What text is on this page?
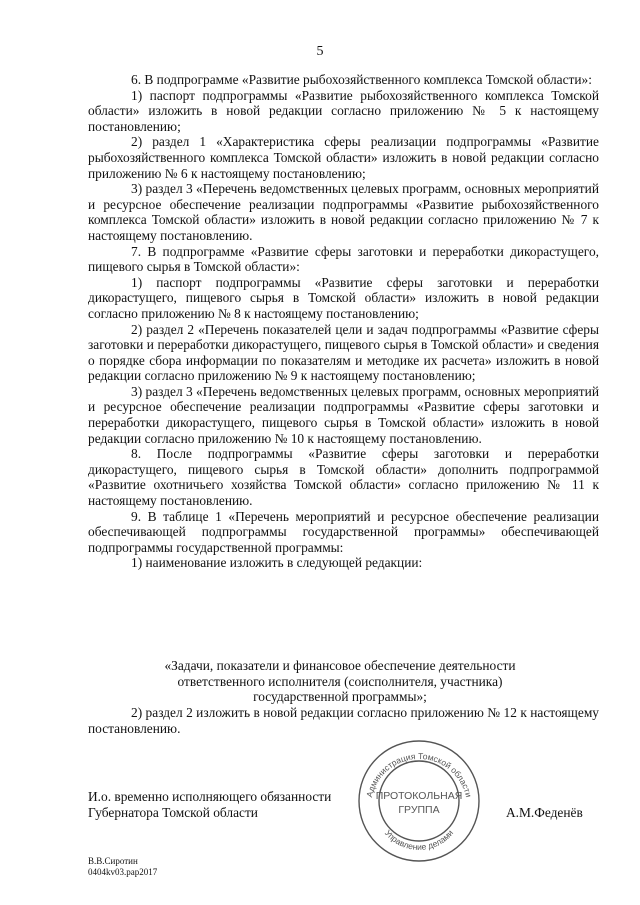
5

6. В подпрограмме «Развитие рыбохозяйственного комплекса Томской области»:

1) паспорт подпрограммы «Развитие рыбохозяйственного комплекса Томской области» изложить в новой редакции согласно приложению № 5 к настоящему постановлению;

2) раздел 1 «Характеристика сферы реализации подпрограммы «Развитие рыбохозяйственного комплекса Томской области» изложить в новой редакции согласно приложению № 6 к настоящему постановлению;

3) раздел 3 «Перечень ведомственных целевых программ, основных мероприятий и ресурсное обеспечение реализации подпрограммы «Развитие рыбохозяйственного комплекса Томской области» изложить в новой редакции согласно приложению № 7 к настоящему постановлению.

7. В подпрограмме «Развитие сферы заготовки и переработки дикорастущего, пищевого сырья в Томской области»:

1) паспорт подпрограммы «Развитие сферы заготовки и переработки дикорастущего, пищевого сырья в Томской области» изложить в новой редакции согласно приложению № 8 к настоящему постановлению;

2) раздел 2 «Перечень показателей цели и задач подпрограммы «Развитие сферы заготовки и переработки дикорастущего, пищевого сырья в Томской области» и сведения о порядке сбора информации по показателям и методике их расчета» изложить в новой редакции согласно приложению № 9 к настоящему постановлению;

3) раздел 3 «Перечень ведомственных целевых программ, основных мероприятий и ресурсное обеспечение реализации подпрограммы «Развитие сферы заготовки и переработки дикорастущего, пищевого сырья в Томской области» изложить в новой редакции согласно приложению № 10 к настоящему постановлению.

8. После подпрограммы «Развитие сферы заготовки и переработки дикорастущего, пищевого сырья в Томской области» дополнить подпрограммой «Развитие охотничьего хозяйства Томской области» согласно приложению № 11 к настоящему постановлению.

9. В таблице 1 «Перечень мероприятий и ресурсное обеспечение реализации обеспечивающей подпрограммы государственной программы» обеспечивающей подпрограммы государственной программы:

1) наименование изложить в следующей редакции:

«Задачи, показатели и финансовое обеспечение деятельности
ответственного исполнителя (соисполнителя, участника)
государственной программы»;

2) раздел 2 изложить в новой редакции согласно приложению № 12 к настоящему постановлению.

И.о. временно исполняющего обязанности
Губернатора Томской области	А.М.Феденёв
Администрация Томской области
Управление делами
ПРОТОКОЛЬНАЯ
ГРУППА
В.В.Сиротин
0404kv03.pap2017
